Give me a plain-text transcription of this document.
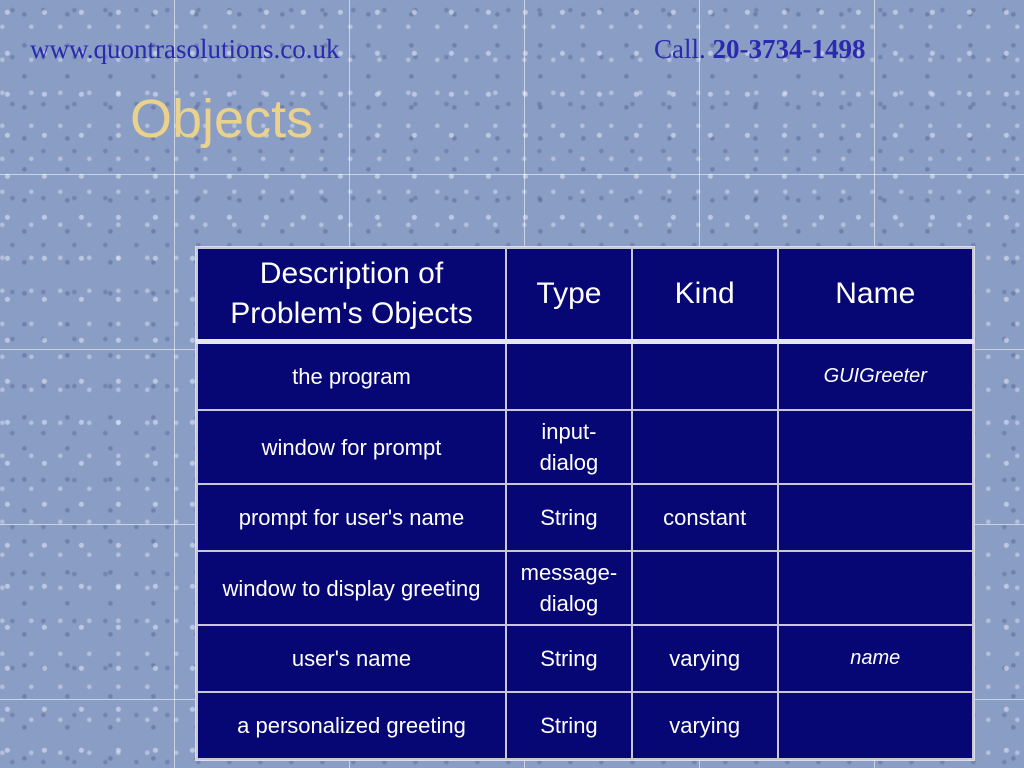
www.quontrasolutions.co.uk	Call. 20-3734-1498
Objects
Description of Problem's Objects	Type	Kind	Name
the program			GUIGreeter
window for prompt	input-dialog		
prompt for user's name	String	constant	
window to display greeting	message-dialog		
user's name	String	varying	name
a personalized greeting	String	varying	
